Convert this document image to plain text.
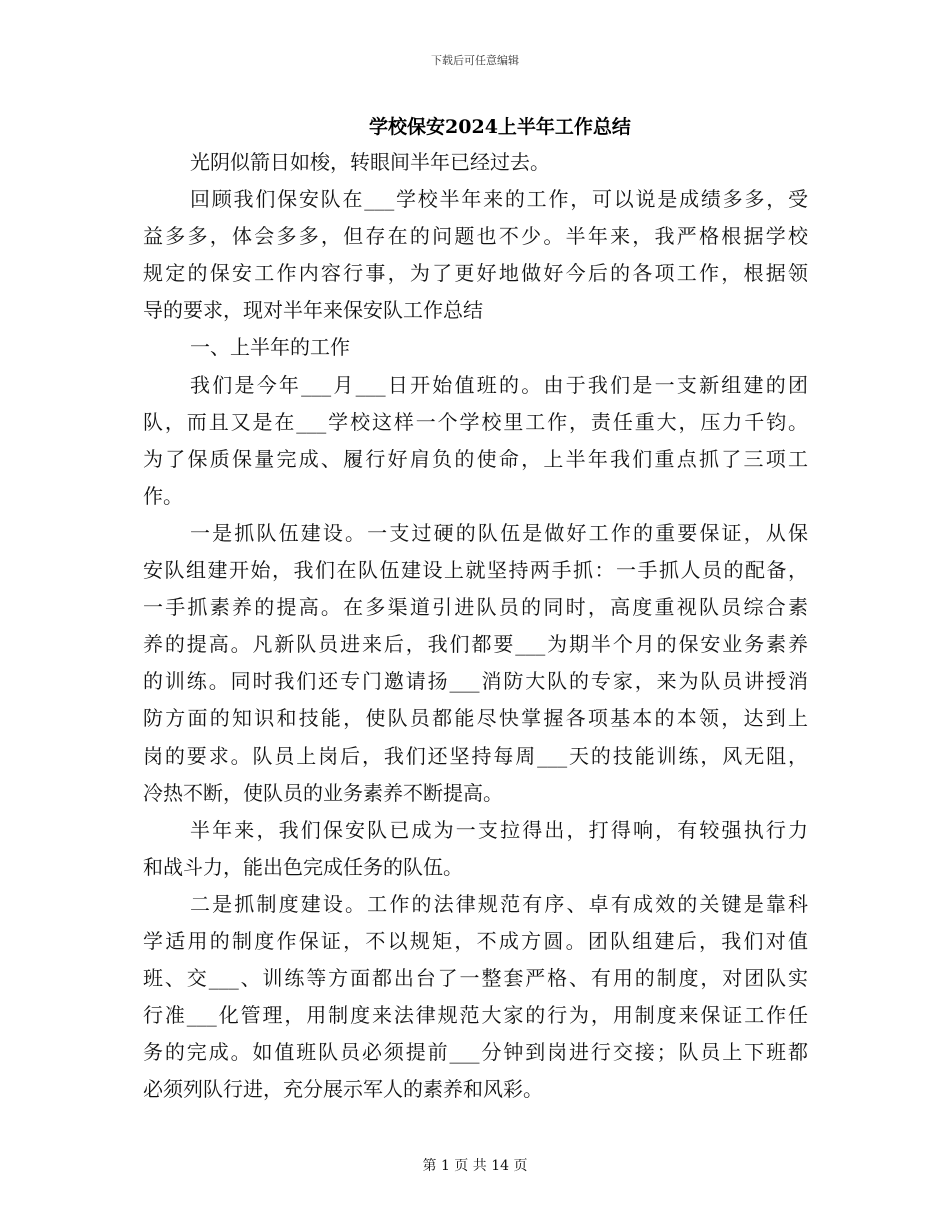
下载后可任意编辑
学校保安2024上半年工作总结
光阴似箭日如梭，转眼间半年已经过去。
回顾我们保安队在___学校半年来的工作，可以说是成绩多多，受
益多多，体会多多，但存在的问题也不少。半年来，我严格根据学校
规定的保安工作内容行事，为了更好地做好今后的各项工作，根据领
导的要求，现对半年来保安队工作总结
一、上半年的工作
我们是今年___月___日开始值班的。由于我们是一支新组建的团
队，而且又是在___学校这样一个学校里工作，责任重大，压力千钧。
为了保质保量完成、履行好肩负的使命，上半年我们重点抓了三项工
作。
一是抓队伍建设。一支过硬的队伍是做好工作的重要保证，从保
安队组建开始，我们在队伍建设上就坚持两手抓：一手抓人员的配备，
一手抓素养的提高。在多渠道引进队员的同时，高度重视队员综合素
养的提高。凡新队员进来后，我们都要___为期半个月的保安业务素养
的训练。同时我们还专门邀请扬___消防大队的专家，来为队员讲授消
防方面的知识和技能，使队员都能尽快掌握各项基本的本领，达到上
岗的要求。队员上岗后，我们还坚持每周___天的技能训练，风无阻，
冷热不断，使队员的业务素养不断提高。
半年来，我们保安队已成为一支拉得出，打得响，有较强执行力
和战斗力，能出色完成任务的队伍。
二是抓制度建设。工作的法律规范有序、卓有成效的关键是靠科
学适用的制度作保证，不以规矩，不成方圆。团队组建后，我们对值
班、交___、训练等方面都出台了一整套严格、有用的制度，对团队实
行准___化管理，用制度来法律规范大家的行为，用制度来保证工作任
务的完成。如值班队员必须提前___分钟到岗进行交接；队员上下班都
必须列队行进，充分展示军人的素养和风彩。
第 1 页 共 14 页
